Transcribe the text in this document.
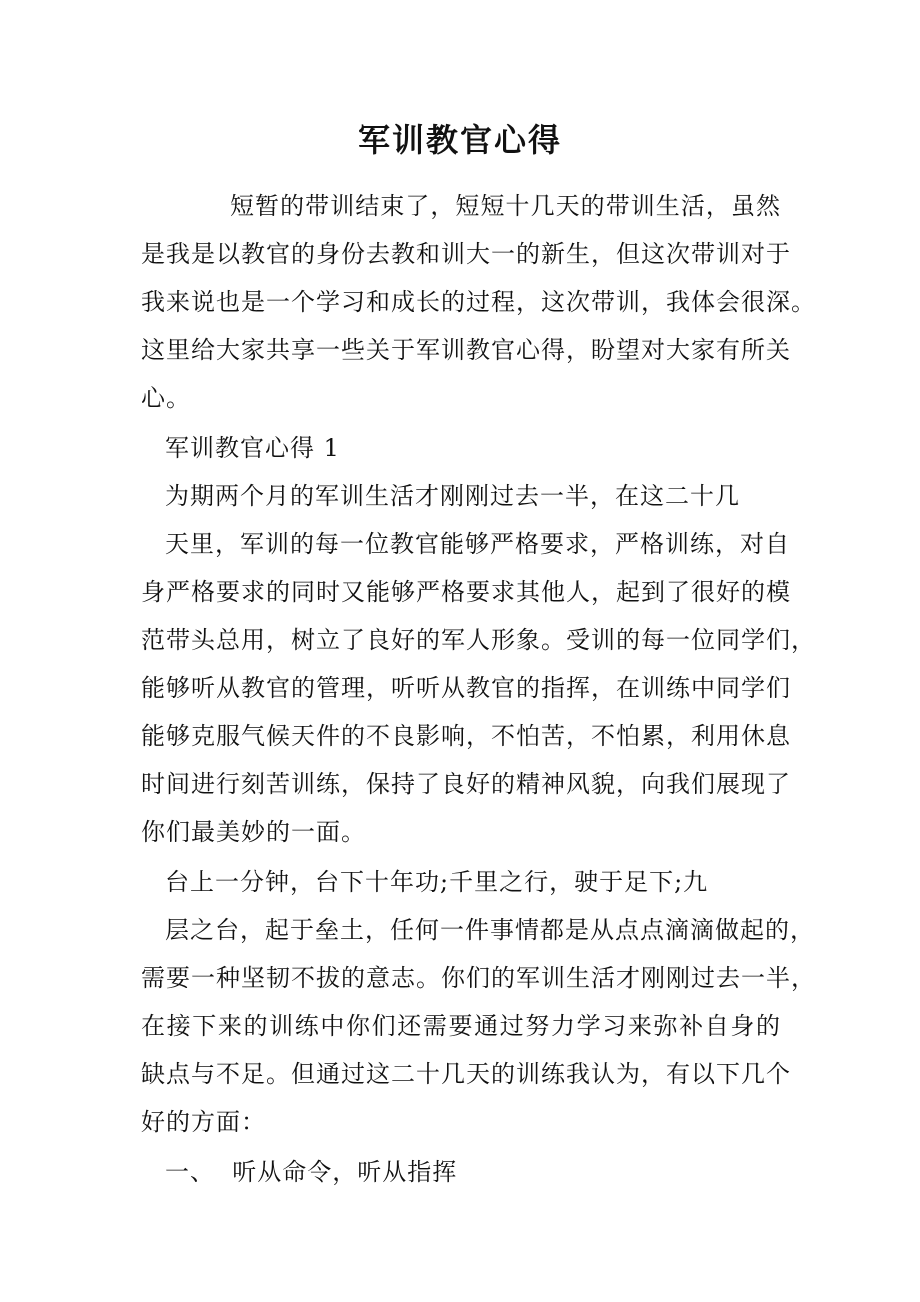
军训教官心得
短暂的带训结束了，短短十几天的带训生活，虽然
是我是以教官的身份去教和训大一的新生，但这次带训对于
我来说也是一个学习和成长的过程，这次带训，我体会很深。
这里给大家共享一些关于军训教官心得，盼望对大家有所关
心。
军训教官心得 1
为期两个月的军训生活才刚刚过去一半，在这二十几
天里，军训的每一位教官能够严格要求，严格训练，对自
身严格要求的同时又能够严格要求其他人，起到了很好的模
范带头总用，树立了良好的军人形象。受训的每一位同学们，
能够听从教官的管理，听听从教官的指挥，在训练中同学们
能够克服气候天件的不良影响，不怕苦，不怕累，利用休息
时间进行刻苦训练，保持了良好的精神风貌，向我们展现了
你们最美妙的一面。
台上一分钟，台下十年功;千里之行，驶于足下;九
层之台，起于垒土，任何一件事情都是从点点滴滴做起的，
需要一种坚韧不拔的意志。你们的军训生活才刚刚过去一半，
在接下来的训练中你们还需要通过努力学习来弥补自身的
缺点与不足。但通过这二十几天的训练我认为，有以下几个
好的方面：
一、  听从命令，听从指挥
